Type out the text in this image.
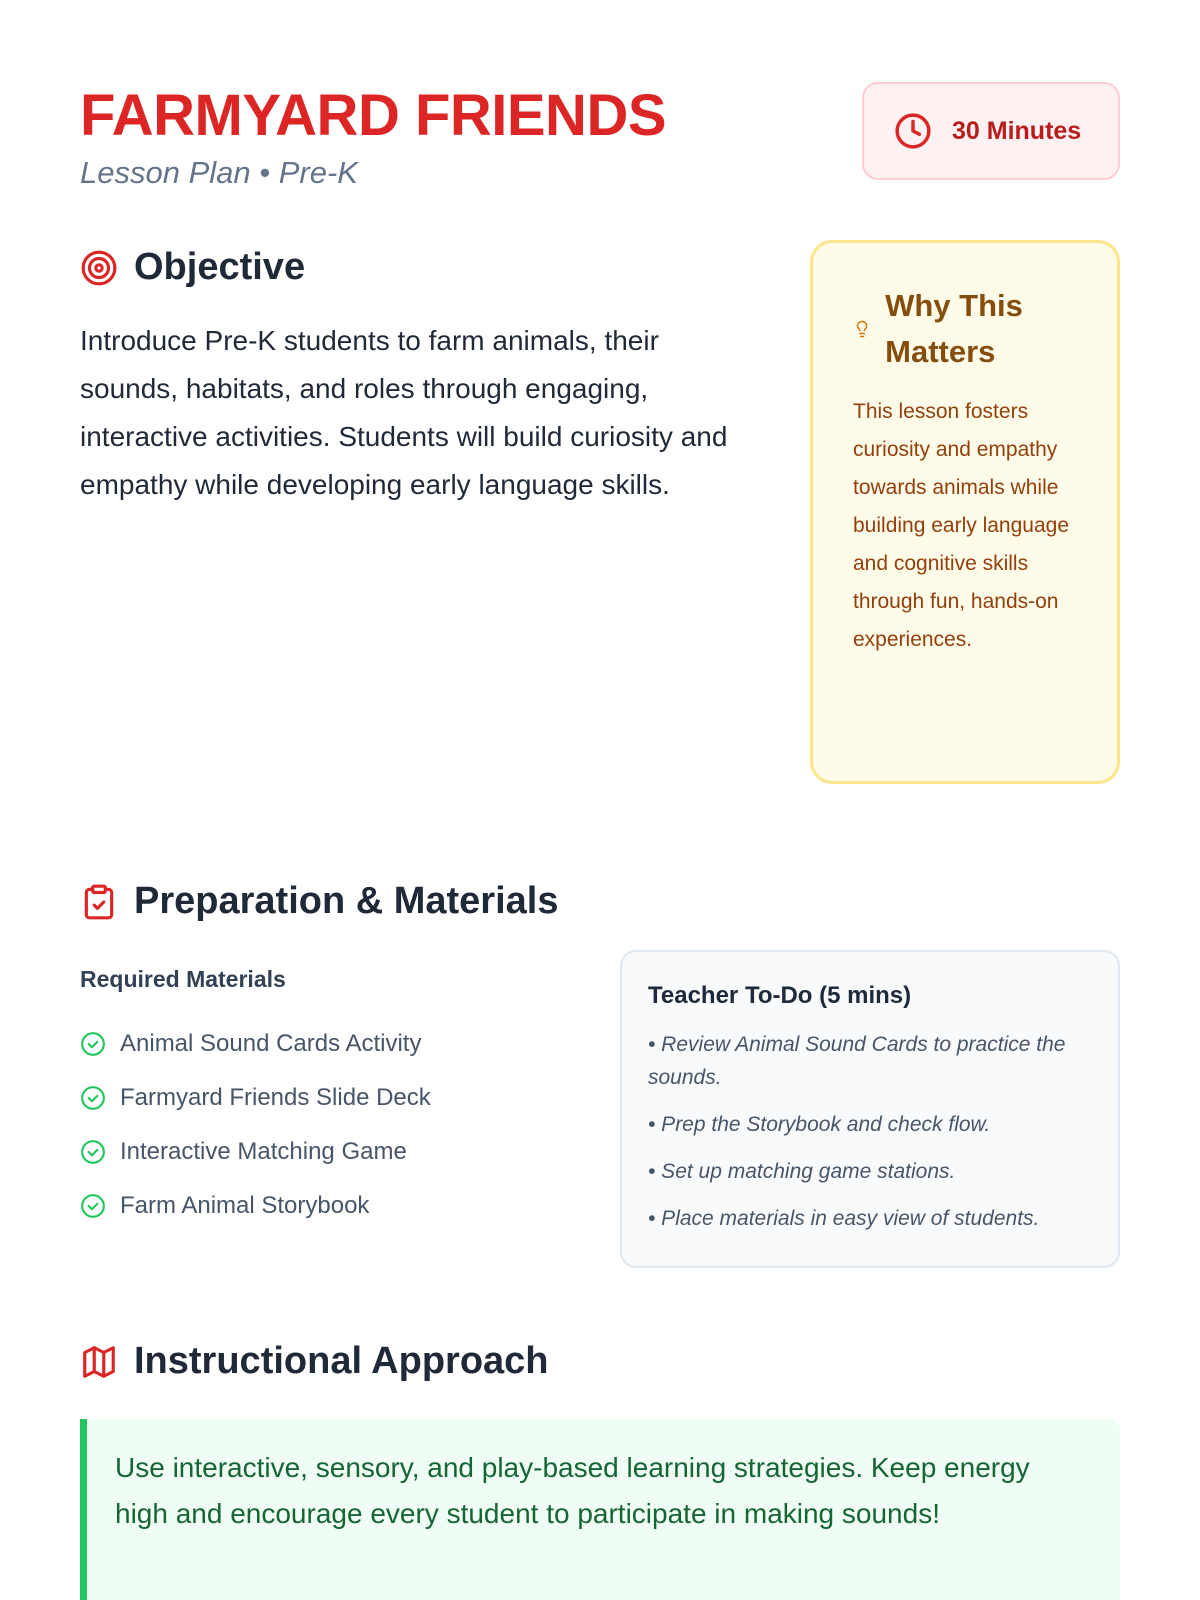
FARMYARD FRIENDS
Lesson Plan • Pre-K
30 Minutes
Objective

Introduce Pre-K students to farm animals, their sounds, habitats, and roles through engaging, interactive activities. Students will build curiosity and empathy while developing early language skills.

Why This Matters

This lesson fosters curiosity and empathy towards animals while building early language and cognitive skills through fun, hands-on experiences.

Preparation & Materials
Required Materials
Animal Sound Cards Activity
Farmyard Friends Slide Deck
Interactive Matching Game
Farm Animal Storybook
Teacher To-Do (5 mins)
• Review Animal Sound Cards to practice the sounds.
• Prep the Storybook and check flow.
• Set up matching game stations.
• Place materials in easy view of students.
Instructional Approach

Use interactive, sensory, and play-based learning strategies. Keep energy high and encourage every student to participate in making sounds!
